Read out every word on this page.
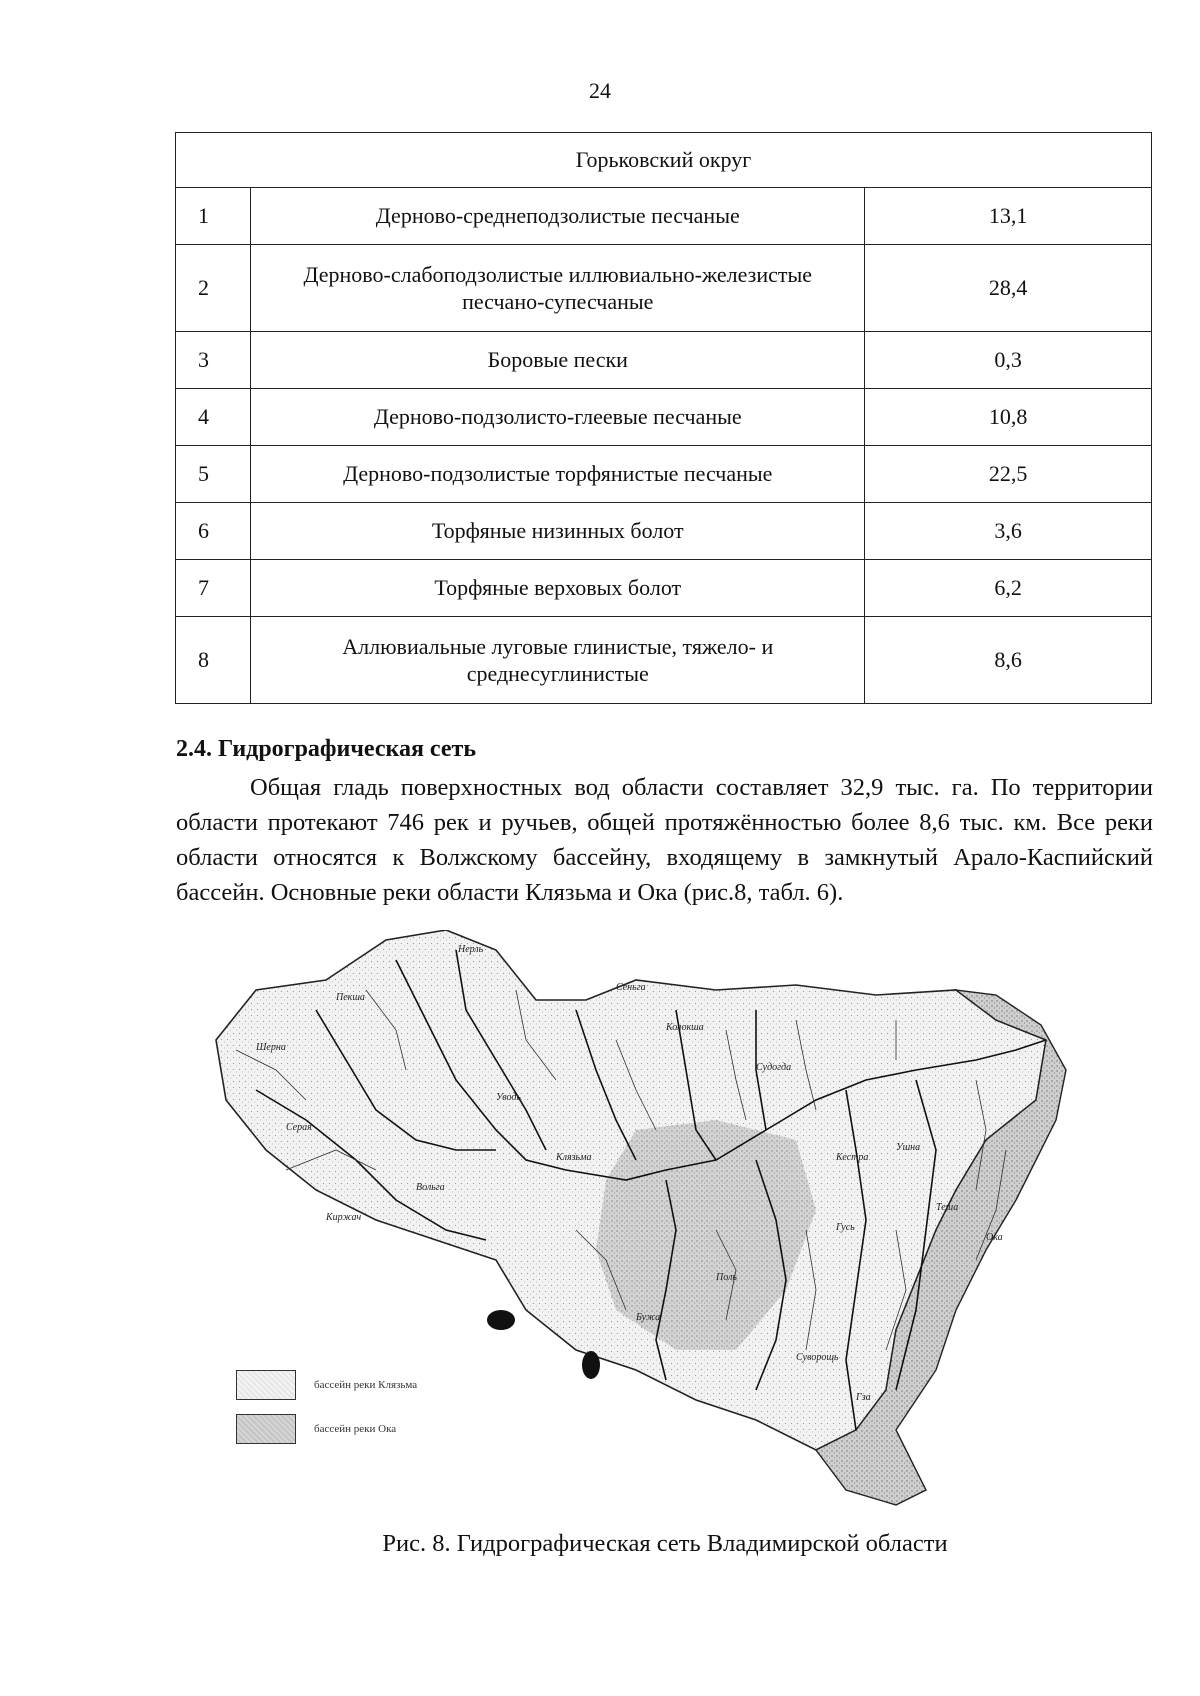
24
Горьковский округ		
1	Дерново-среднеподзолистые песчаные	13,1
2	Дерново-слабоподзолистые иллювиально-железистые песчано-супесчаные	28,4
3	Боровые пески	0,3
4	Дерново-подзолисто-глеевые песчаные	10,8
5	Дерново-подзолистые торфянистые песчаные	22,5
6	Торфяные низинных болот	3,6
7	Торфяные верховых болот	6,2
8	Аллювиальные луговые глинистые, тяжело- и среднесуглинистые	8,6
2.4. Гидрографическая сеть

Общая гладь поверхностных вод области составляет 32,9 тыс. га. По территории области протекают 746 рек и ручьев, общей протяжённостью более 8,6 тыс. км. Все реки области относятся к Волжскому бассейну, входящему в замкнутый Арало-Каспийский бассейн. Основные реки области Клязьма и Ока (рис.8, табл. 6).

Нерль
Пекша
Колокша
Судогда
Гусь
Теша
Ушна
Вольга
Сеньга
Серая
Шерна
Киржач
Поль
Бужа
Кестра
Ока
Клязьма
Суворощь
Уводь
Гза
бассейн реки Клязьма
бассейн реки Ока
Рис. 8. Гидрографическая сеть Владимирской области
